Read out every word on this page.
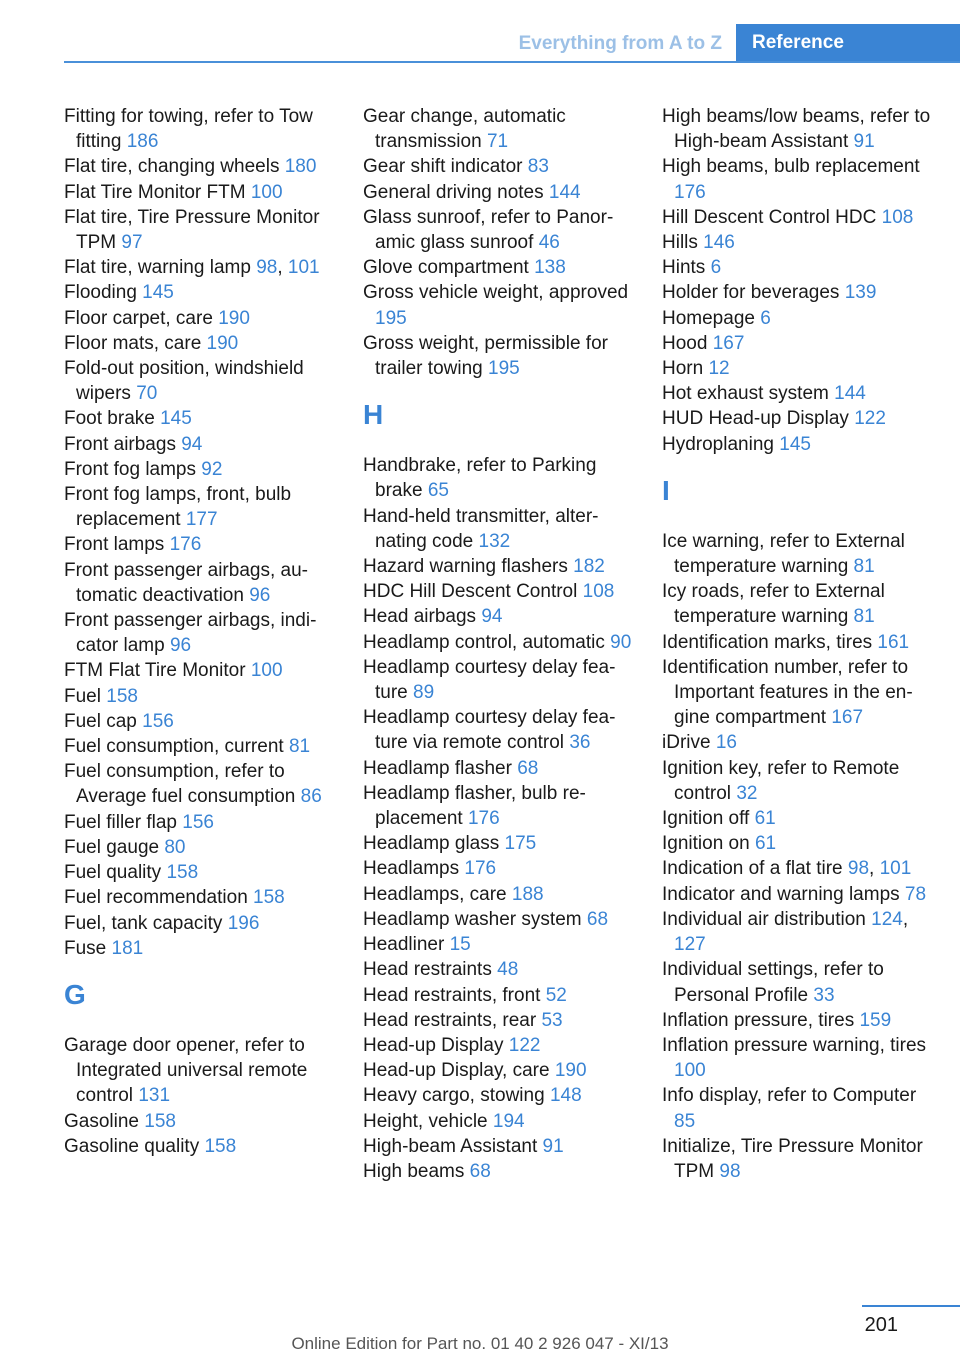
Everything from A to Z	Reference
Fitting for towing, refer to Tow fitting 186
Flat tire, changing wheels 180
Flat Tire Monitor FTM 100
Flat tire, Tire Pressure Monitor TPM 97
Flat tire, warning lamp 98, 101
Flooding 145
Floor carpet, care 190
Floor mats, care 190
Fold-out position, windshield wipers 70
Foot brake 145
Front airbags 94
Front fog lamps 92
Front fog lamps, front, bulb replacement 177
Front lamps 176
Front passenger airbags, automatic deactivation 96
Front passenger airbags, indicator lamp 96
FTM Flat Tire Monitor 100
Fuel 158
Fuel cap 156
Fuel consumption, current 81
Fuel consumption, refer to Average fuel consumption 86
Fuel filler flap 156
Fuel gauge 80
Fuel quality 158
Fuel recommendation 158
Fuel, tank capacity 196
Fuse 181
G
Garage door opener, refer to Integrated universal remote control 131
Gasoline 158
Gasoline quality 158
Gear change, automatic transmission 71
Gear shift indicator 83
General driving notes 144
Glass sunroof, refer to Panoramic glass sunroof 46
Glove compartment 138
Gross vehicle weight, approved 195
Gross weight, permissible for trailer towing 195
H
Handbrake, refer to Parking brake 65
Hand-held transmitter, alternating code 132
Hazard warning flashers 182
HDC Hill Descent Control 108
Head airbags 94
Headlamp control, automatic 90
Headlamp courtesy delay feature 89
Headlamp courtesy delay feature via remote control 36
Headlamp flasher 68
Headlamp flasher, bulb replacement 176
Headlamp glass 175
Headlamps 176
Headlamps, care 188
Headlamp washer system 68
Headliner 15
Head restraints 48
Head restraints, front 52
Head restraints, rear 53
Head-up Display 122
Head-up Display, care 190
Heavy cargo, stowing 148
Height, vehicle 194
High-beam Assistant 91
High beams 68
High beams/low beams, refer to High-beam Assistant 91
High beams, bulb replacement 176
Hill Descent Control HDC 108
Hills 146
Hints 6
Holder for beverages 139
Homepage 6
Hood 167
Horn 12
Hot exhaust system 144
HUD Head-up Display 122
Hydroplaning 145
I
Ice warning, refer to External temperature warning 81
Icy roads, refer to External temperature warning 81
Identification marks, tires 161
Identification number, refer to Important features in the engine compartment 167
iDrive 16
Ignition key, refer to Remote control 32
Ignition off 61
Ignition on 61
Indication of a flat tire 98, 101
Indicator and warning lamps 78
Individual air distribution 124, 127
Individual settings, refer to Personal Profile 33
Inflation pressure, tires 159
Inflation pressure warning, tires 100
Info display, refer to Computer 85
Initialize, Tire Pressure Monitor TPM 98
201
Online Edition for Part no. 01 40 2 926 047 - XI/13
